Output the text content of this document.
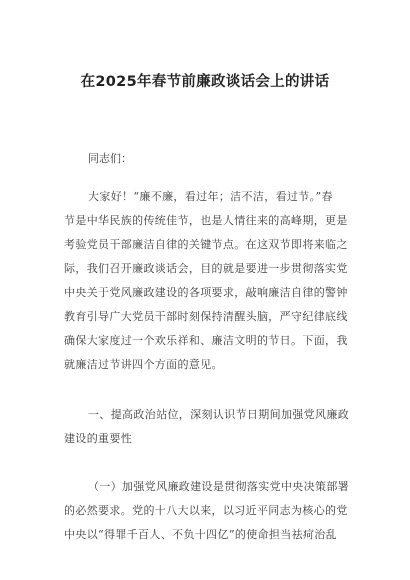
在2025年春节前廉政谈话会上的讲话
同志们：
大家好！“廉不廉，看过年；洁不洁，看过节。”春
节是中华民族的传统佳节，也是人情往来的高峰期，更是
考验党员干部廉洁自律的关键节点。在这双节即将来临之
际，我们召开廉政谈话会，目的就是要进一步贯彻落实党
中央关于党风廉政建设的各项要求，敲响廉洁自律的警钟
教育引导广大党员干部时刻保持清醒头脑，严守纪律底线
确保大家度过一个欢乐祥和、廉洁文明的节日。下面，我
就廉洁过节讲四个方面的意见。
一、提高政治站位，深刻认识节日期间加强党风廉政
建设的重要性
（一）加强党风廉政建设是贯彻落实党中央决策部署
的必然要求。党的十八大以来，以习近平同志为核心的党
中央以“得罪千百人、不负十四亿”的使命担当祛疴治乱
